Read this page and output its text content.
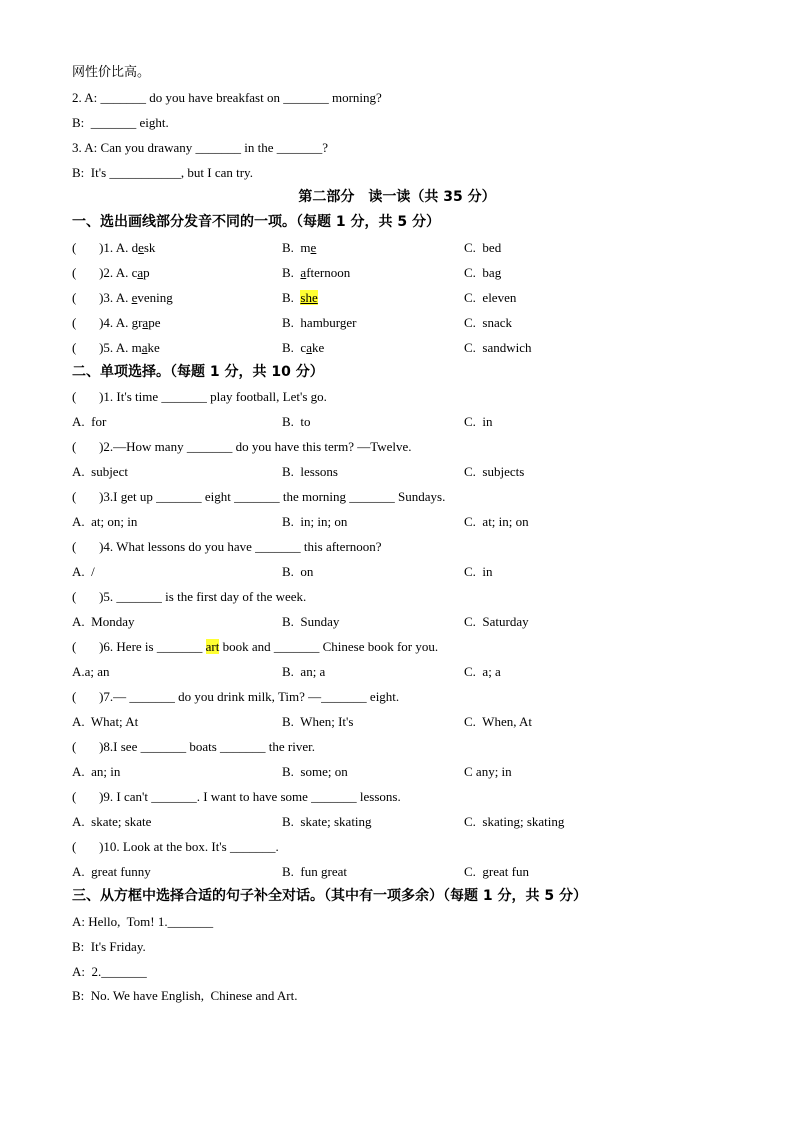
网性价比高。
2. A: _______ do you have breakfast on _______ morning?
B:  _______ eight.
3. A: Can you drawany _______ in the _______?
B:  It's ___________, but I can try.
第二部分　读一读（共 35 分）
一、选出画线部分发音不同的一项。（每题 1 分，共 5 分）
(       )1. A. desk	B.  me	C.  bed
(       )2. A. cap	B.  afternoon	C.  bag
(       )3. A. evening	B.  she	C.  eleven
(       )4. A. grape	B.  hamburger	C.  snack
(       )5. A. make	B.  cake	C.  sandwich
二、单项选择。（每题 1 分，共 10 分）
(       )1. It's time _______ play football, Let's go.
A.  for	B.  to	C.  in
(       )2.—How many _______ do you have this term? —Twelve.
A.  subject	B.  lessons	C.  subjects
(       )3.I get up _______ eight _______ the morning _______ Sundays.
A.  at; on; in	B.  in; in; on	C.  at; in; on
(       )4. What lessons do you have _______ this afternoon?
A.  /	B.  on	C.  in
(       )5. _______ is the first day of the week.
A.  Monday	B.  Sunday	C.  Saturday
(       )6. Here is _______ art book and _______ Chinese book for you.
A.a; an	B.  an; a	C.  a; a
(       )7.— _______ do you drink milk, Tim? —_______ eight.
A.  What; At	B.  When; It's	C.  When, At
(       )8.I see _______ boats _______ the river.
A.  an; in	B.  some; on	C any; in
(       )9. I can't _______. I want to have some _______ lessons.
A.  skate; skate	B.  skate; skating	C.  skating; skating
(       )10. Look at the box. It's _______.
A.  great funny	B.  fun great	C.  great fun
三、从方框中选择合适的句子补全对话。（其中有一项多余）（每题 1 分，共 5 分）
A: Hello,  Tom! 1._______
B:  It's Friday.
A:  2._______
B:  No. We have English,  Chinese and Art.
